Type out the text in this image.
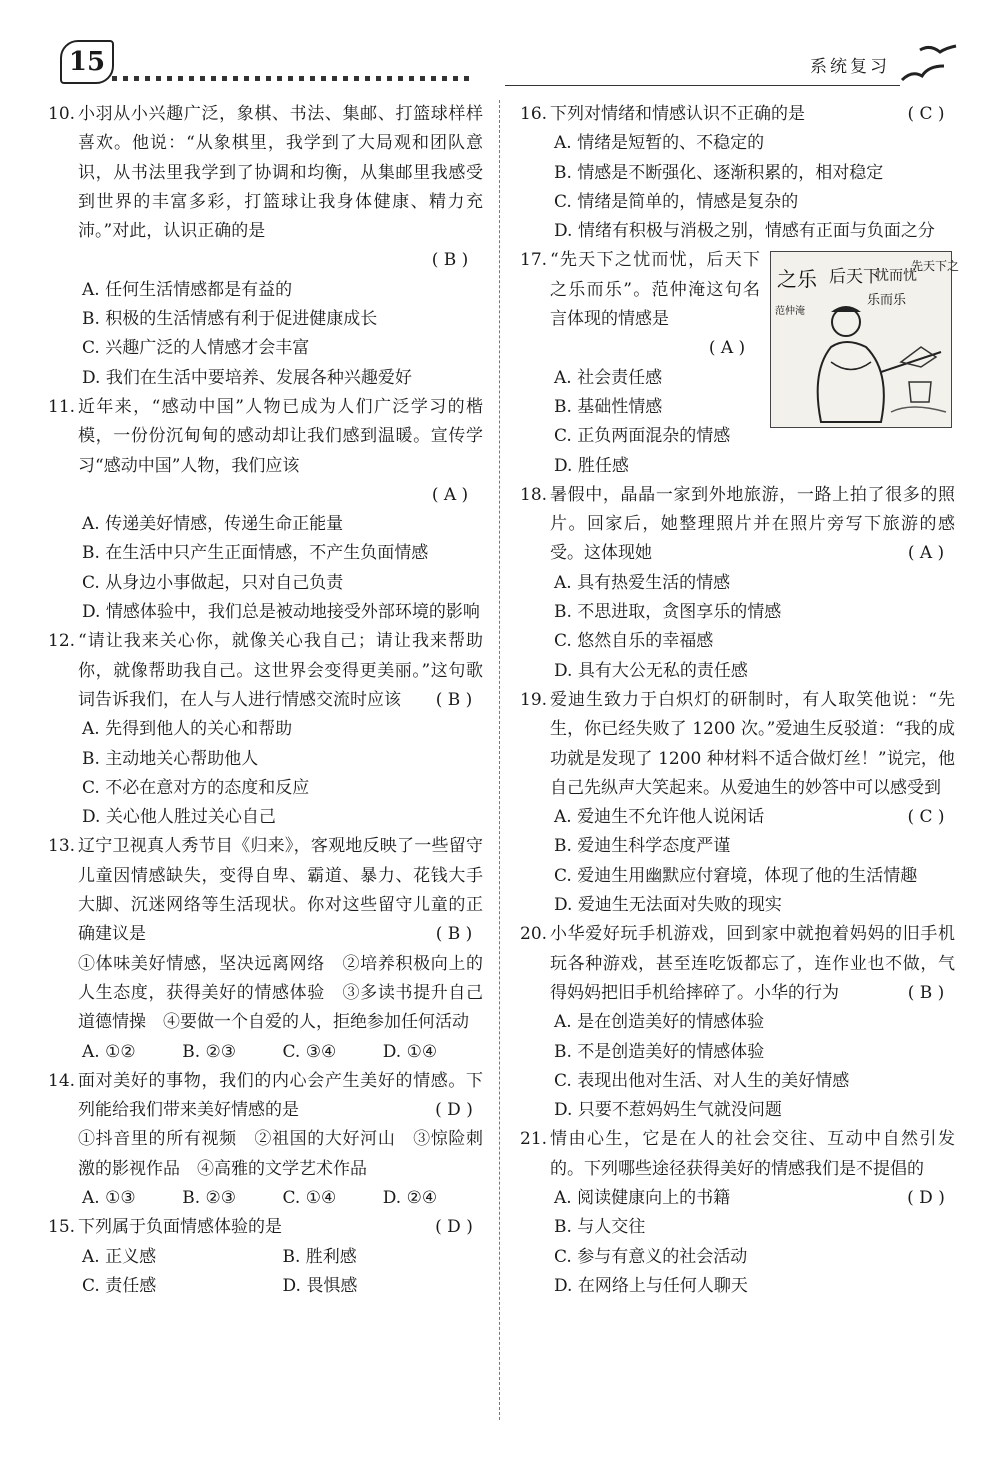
15	系统复习
10. 小羽从小兴趣广泛，象棋、书法、集邮、打篮球样样喜欢。他说：“从象棋里，我学到了大局观和团队意识，从书法里我学到了协调和均衡，从集邮里我感受到世界的丰富多彩，打篮球让我身体健康、精力充沛。”对此，认识正确的是
( B )
A. 任何生活情感都是有益的
B. 积极的生活情感有利于促进健康成长
C. 兴趣广泛的人情感才会丰富
D. 我们在生活中要培养、发展各种兴趣爱好
11. 近年来，“感动中国”人物已成为人们广泛学习的楷模，一份份沉甸甸的感动却让我们感到温暖。宣传学习“感动中国”人物，我们应该
( A )
A. 传递美好情感，传递生命正能量
B. 在生活中只产生正面情感，不产生负面情感
C. 从身边小事做起，只对自己负责
D. 情感体验中，我们总是被动地接受外部环境的影响
12. “请让我来关心你，就像关心我自己；请让我来帮助你，就像帮助我自己。这世界会变得更美丽。”这句歌词告诉我们，在人与人进行情感交流时应该	( B )
A. 先得到他人的关心和帮助
B. 主动地关心帮助他人
C. 不必在意对方的态度和反应
D. 关心他人胜过关心自己
13. 辽宁卫视真人秀节目《归来》，客观地反映了一些留守儿童因情感缺失，变得自卑、霸道、暴力、花钱大手大脚、沉迷网络等生活现状。你对这些留守儿童的正确建议是	( B )
①体味美好情感，坚决远离网络　②培养积极向上的人生态度，获得美好的情感体验　③多读书提升自己道德情操　④要做一个自爱的人，拒绝参加任何活动
A. ①②	B. ②③	C. ③④	D. ①④
14. 面对美好的事物，我们的内心会产生美好的情感。下列能给我们带来美好情感的是	( D )
①抖音里的所有视频　②祖国的大好河山　③惊险刺激的影视作品　④高雅的文学艺术作品
A. ①③	B. ②③	C. ①④	D. ②④
15. 下列属于负面情感体验的是	( D )
A. 正义感	B. 胜利感
C. 责任感	D. 畏惧感
16. 下列对情绪和情感认识不正确的是	( C )
A. 情绪是短暂的、不稳定的
B. 情感是不断强化、逐渐积累的，相对稳定
C. 情绪是简单的，情感是复杂的
D. 情绪有积极与消极之别，情感有正面与负面之分
17. “先天下之忧而忧，后天下之乐而乐”。范仲淹这句名言体现的情感是
( A )
A. 社会责任感
B. 基础性情感
C. 正负两面混杂的情感
D. 胜任感
之乐 后天下
忧而忧
先天下之
乐而乐
范仲淹
18. 暑假中，晶晶一家到外地旅游，一路上拍了很多的照片。回家后，她整理照片并在照片旁写下旅游的感受。这体现她	( A )
A. 具有热爱生活的情感
B. 不思进取，贪图享乐的情感
C. 悠然自乐的幸福感
D. 具有大公无私的责任感
19. 爱迪生致力于白炽灯的研制时，有人取笑他说：“先生，你已经失败了 1200 次。”爱迪生反驳道：“我的成功就是发现了 1200 种材料不适合做灯丝！”说完，他自己先纵声大笑起来。从爱迪生的妙答中可以感受到
( C )
A. 爱迪生不允许他人说闲话
B. 爱迪生科学态度严谨
C. 爱迪生用幽默应付窘境，体现了他的生活情趣
D. 爱迪生无法面对失败的现实
20. 小华爱好玩手机游戏，回到家中就抱着妈妈的旧手机玩各种游戏，甚至连吃饭都忘了，连作业也不做，气得妈妈把旧手机给摔碎了。小华的行为	( B )
A. 是在创造美好的情感体验
B. 不是创造美好的情感体验
C. 表现出他对生活、对人生的美好情感
D. 只要不惹妈妈生气就没问题
21. 情由心生，它是在人的社会交往、互动中自然引发的。下列哪些途径获得美好的情感我们是不提倡的
( D )
A. 阅读健康向上的书籍
B. 与人交往
C. 参与有意义的社会活动
D. 在网络上与任何人聊天
